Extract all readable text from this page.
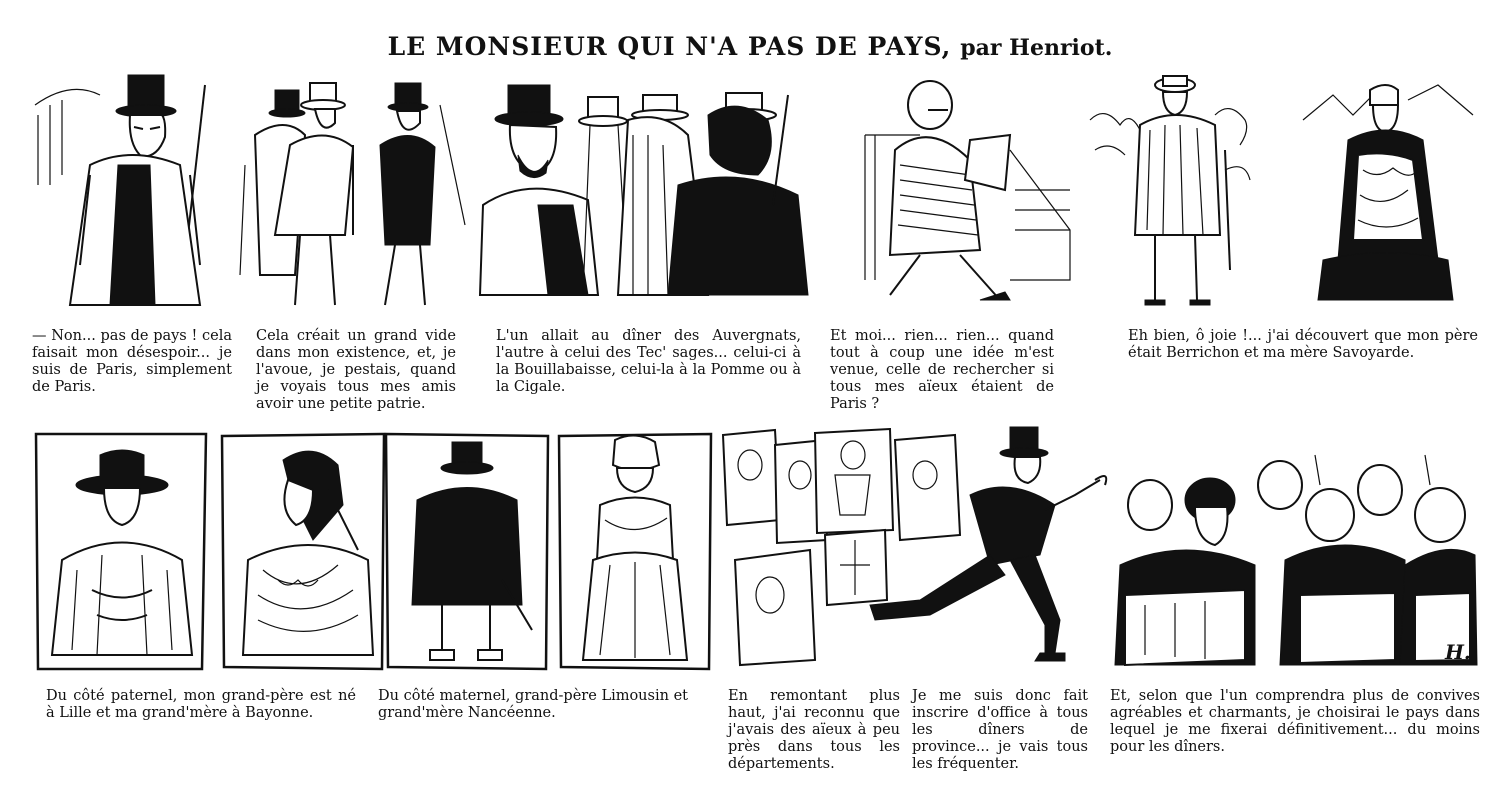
LE MONSIEUR QUI N'A PAS DE PAYS, par Henriot.
— Non... pas de pays ! cela faisait mon désespoir... je suis de Paris, simplement de Paris.
Cela créait un grand vide dans mon existence, et, je l'avoue, je pestais, quand je voyais tous mes amis avoir une petite patrie.
L'un allait au dîner des Auvergnats, l'autre à celui des Tec⁠' sages... celui-ci à la Bouillabaisse, celui-la à la Pomme ou à la Cigale.
Et moi... rien... rien... quand tout à coup une idée m'est venue, celle de rechercher si tous mes aïeux étaient de Paris ?
Eh bien, ô joie !... j'ai découvert que mon père était Berrichon et ma mère Savoyarde.
H.
Du côté paternel, mon grand-père est né à Lille et ma grand'mère à Bayonne.
Du côté maternel, grand-père Limousin et grand'mère Nancéenne.
En remontant plus haut, j'ai reconnu que j'avais des aïeux à peu près dans tous les départements.
Je me suis donc fait inscrire d'office à tous les dîners de province... je vais tous les fréquenter.
Et, selon que l'un comprendra plus de convives agréables et charmants, je choisirai le pays dans lequel je me fixerai définitivement... du moins pour les dîners.
